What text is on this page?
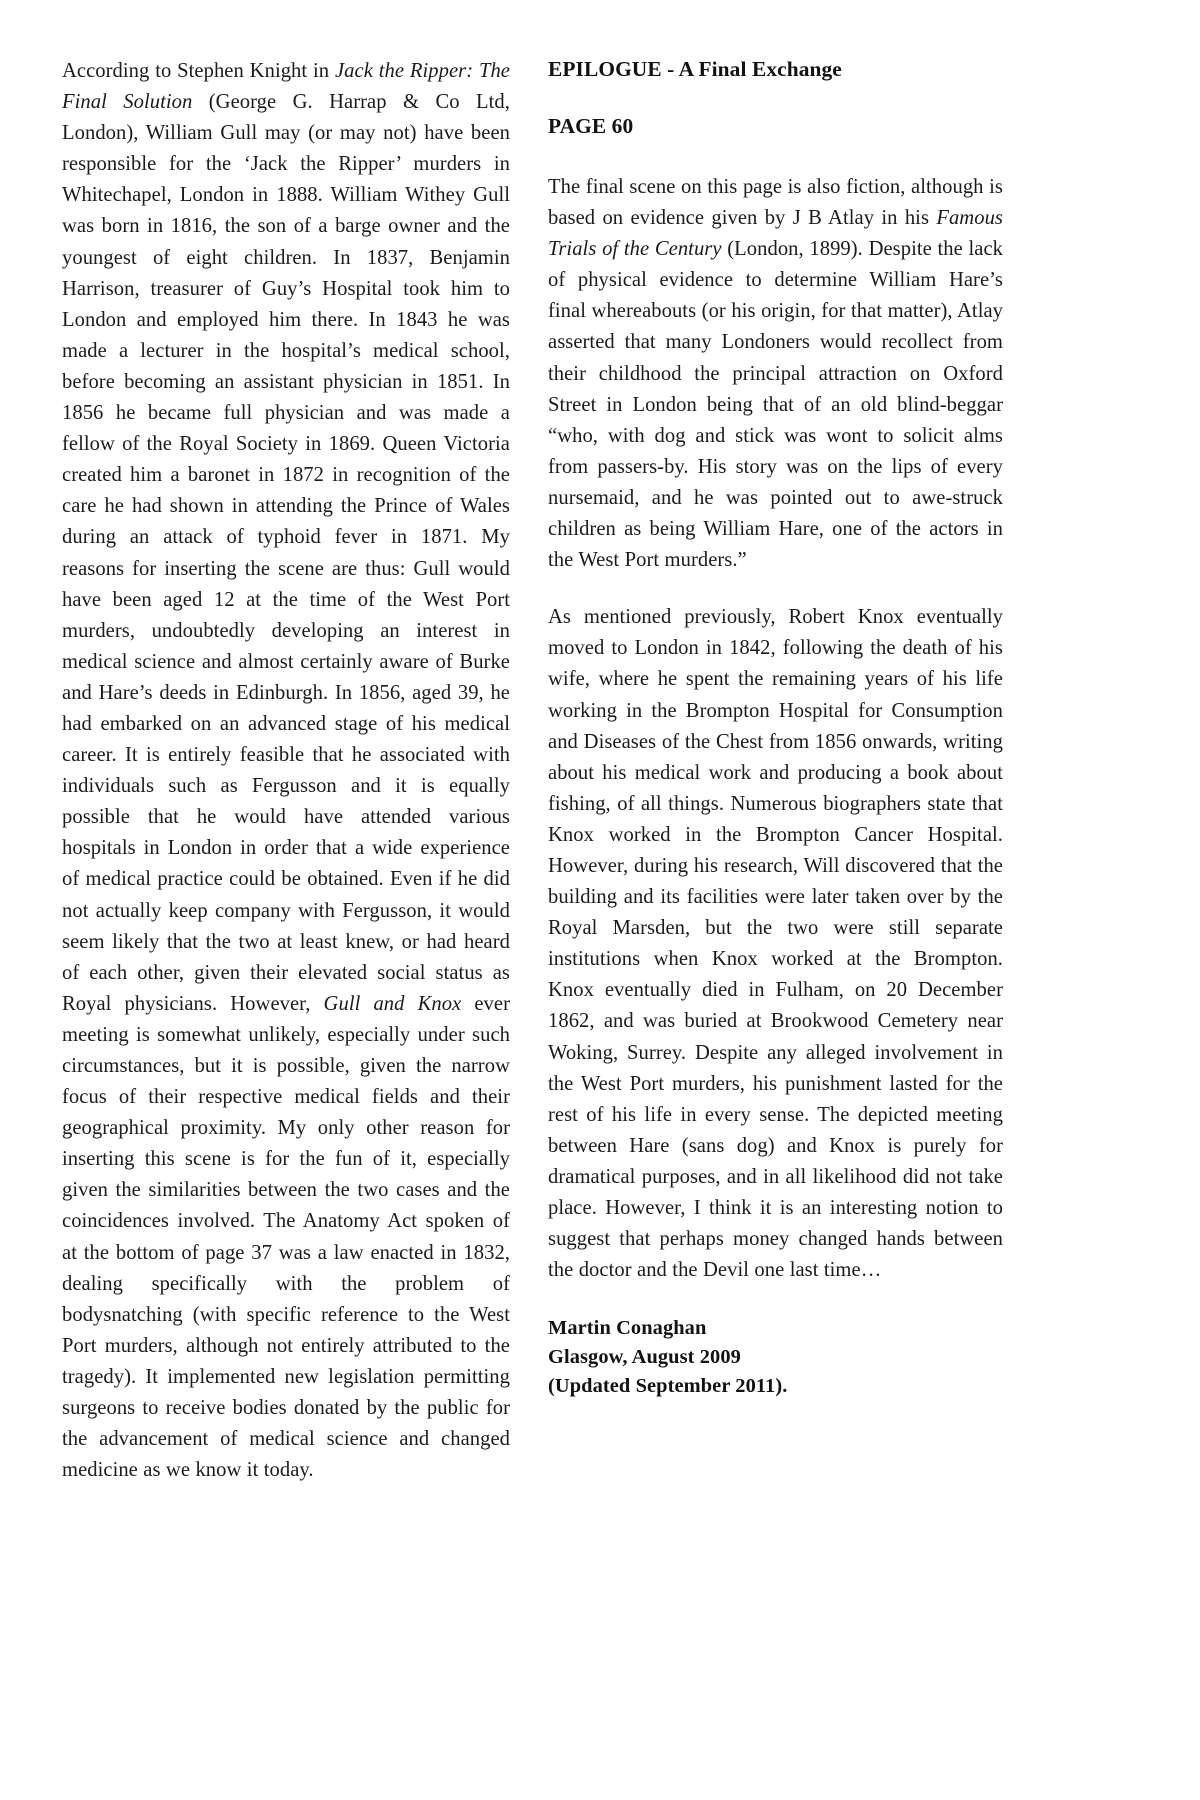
According to Stephen Knight in Jack the Ripper: The Final Solution (George G. Harrap & Co Ltd, London), William Gull may (or may not) have been responsible for the ‘Jack the Ripper’ murders in Whitechapel, London in 1888. William Withey Gull was born in 1816, the son of a barge owner and the youngest of eight children. In 1837, Benjamin Harrison, treasurer of Guy’s Hospital took him to London and employed him there. In 1843 he was made a lecturer in the hospital’s medical school, before becoming an assistant physician in 1851. In 1856 he became full physician and was made a fellow of the Royal Society in 1869. Queen Victoria created him a baronet in 1872 in recognition of the care he had shown in attending the Prince of Wales during an attack of typhoid fever in 1871. My reasons for inserting the scene are thus: Gull would have been aged 12 at the time of the West Port murders, undoubtedly developing an interest in medical science and almost certainly aware of Burke and Hare’s deeds in Edinburgh. In 1856, aged 39, he had embarked on an advanced stage of his medical career. It is entirely feasible that he associated with individuals such as Fergusson and it is equally possible that he would have attended various hospitals in London in order that a wide experience of medical practice could be obtained. Even if he did not actually keep company with Fergusson, it would seem likely that the two at least knew, or had heard of each other, given their elevated social status as Royal physicians. However, Gull and Knox ever meeting is somewhat unlikely, especially under such circumstances, but it is possible, given the narrow focus of their respective medical fields and their geographical proximity. My only other reason for inserting this scene is for the fun of it, especially given the similarities between the two cases and the coincidences involved. The Anatomy Act spoken of at the bottom of page 37 was a law enacted in 1832, dealing specifically with the problem of bodysnatching (with specific reference to the West Port murders, although not entirely attributed to the tragedy). It implemented new legislation permitting surgeons to receive bodies donated by the public for the advancement of medical science and changed medicine as we know it today.

EPILOGUE - A Final Exchange
PAGE 60

The final scene on this page is also fiction, although is based on evidence given by J B Atlay in his Famous Trials of the Century (London, 1899). Despite the lack of physical evidence to determine William Hare’s final whereabouts (or his origin, for that matter), Atlay asserted that many Londoners would recollect from their childhood the principal attraction on Oxford Street in London being that of an old blind-beggar “who, with dog and stick was wont to solicit alms from passers-by. His story was on the lips of every nursemaid, and he was pointed out to awe-struck children as being William Hare, one of the actors in the West Port murders.”

As mentioned previously, Robert Knox eventually moved to London in 1842, following the death of his wife, where he spent the remaining years of his life working in the Brompton Hospital for Consumption and Diseases of the Chest from 1856 onwards, writing about his medical work and producing a book about fishing, of all things. Numerous biographers state that Knox worked in the Brompton Cancer Hospital. However, during his research, Will discovered that the building and its facilities were later taken over by the Royal Marsden, but the two were still separate institutions when Knox worked at the Brompton. Knox eventually died in Fulham, on 20 December 1862, and was buried at Brookwood Cemetery near Woking, Surrey. Despite any alleged involvement in the West Port murders, his punishment lasted for the rest of his life in every sense. The depicted meeting between Hare (sans dog) and Knox is purely for dramatical purposes, and in all likelihood did not take place. However, I think it is an interesting notion to suggest that perhaps money changed hands between the doctor and the Devil one last time…

Martin Conaghan
Glasgow, August 2009
(Updated September 2011).
